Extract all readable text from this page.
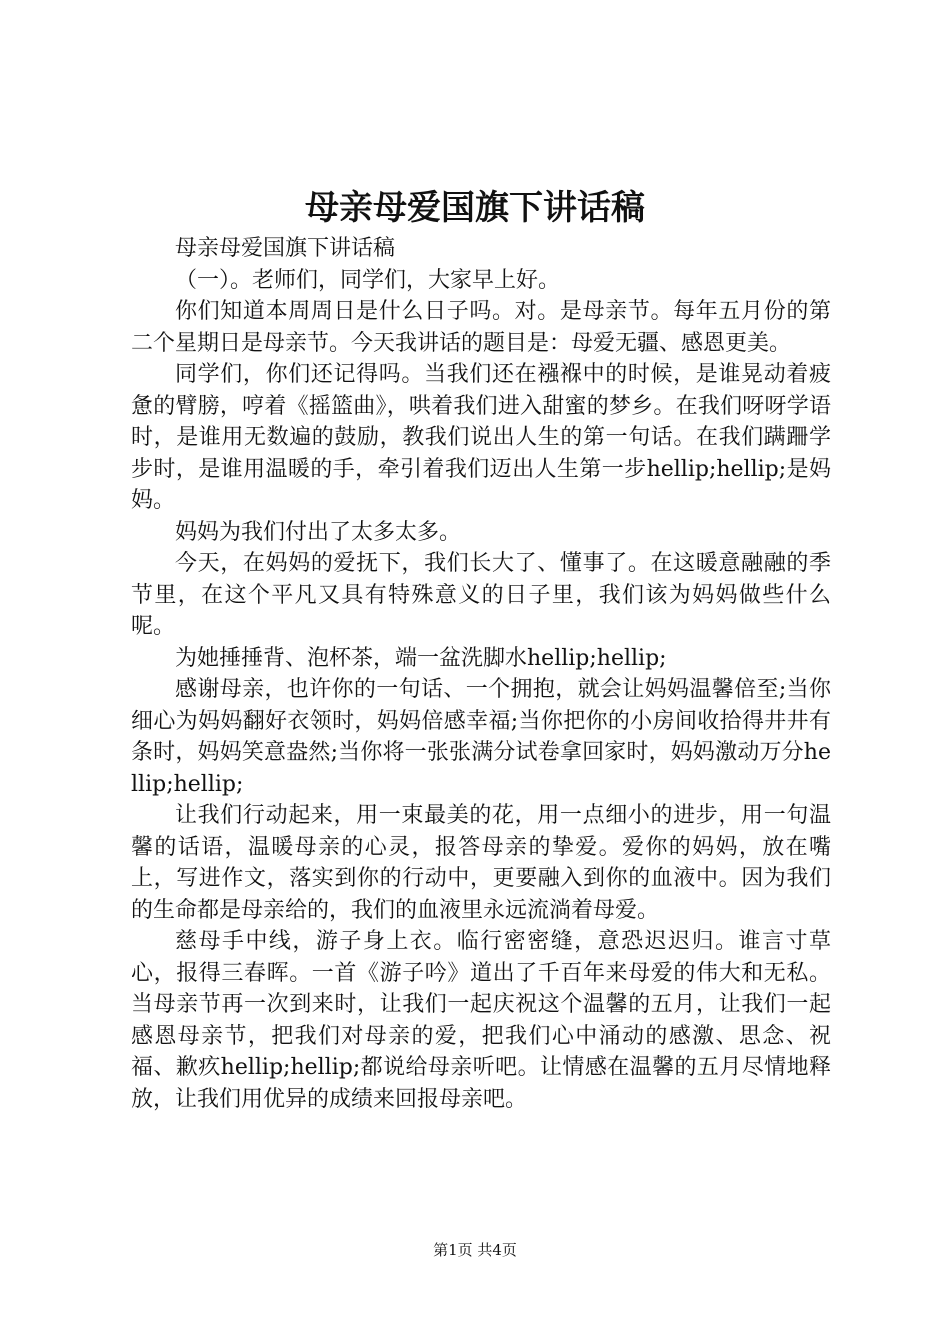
母亲母爱国旗下讲话稿

母亲母爱国旗下讲话稿

（一）。老师们，同学们，大家早上好。

你们知道本周周日是什么日子吗。对。是母亲节。每年五月份的第二个星期日是母亲节。今天我讲话的题目是：母爱无疆、感恩更美。

同学们，你们还记得吗。当我们还在襁褓中的时候，是谁晃动着疲惫的臂膀，哼着《摇篮曲》，哄着我们进入甜蜜的梦乡。在我们呀呀学语时，是谁用无数遍的鼓励，教我们说出人生的第一句话。在我们蹒跚学步时，是谁用温暖的手，牵引着我们迈出人生第一步hellip;hellip;是妈妈。

妈妈为我们付出了太多太多。

今天，在妈妈的爱抚下，我们长大了、懂事了。在这暖意融融的季节里，在这个平凡又具有特殊意义的日子里，我们该为妈妈做些什么呢。

为她捶捶背、泡杯茶，端一盆洗脚水hellip;hellip;

感谢母亲，也许你的一句话、一个拥抱，就会让妈妈温馨倍至;当你细心为妈妈翻好衣领时，妈妈倍感幸福;当你把你的小房间收拾得井井有条时，妈妈笑意盎然;当你将一张张满分试卷拿回家时，妈妈激动万分hellip;hellip;

让我们行动起来，用一束最美的花，用一点细小的进步，用一句温馨的话语，温暖母亲的心灵，报答母亲的挚爱。爱你的妈妈，放在嘴上，写进作文，落实到你的行动中，更要融入到你的血液中。因为我们的生命都是母亲给的，我们的血液里永远流淌着母爱。

慈母手中线，游子身上衣。临行密密缝，意恐迟迟归。谁言寸草心，报得三春晖。一首《游子吟》道出了千百年来母爱的伟大和无私。当母亲节再一次到来时，让我们一起庆祝这个温馨的五月，让我们一起感恩母亲节，把我们对母亲的爱，把我们心中涌动的感激、思念、祝福、歉疚hellip;hellip;都说给母亲听吧。让情感在温馨的五月尽情地释放，让我们用优异的成绩来回报母亲吧。

第1页 共4页
